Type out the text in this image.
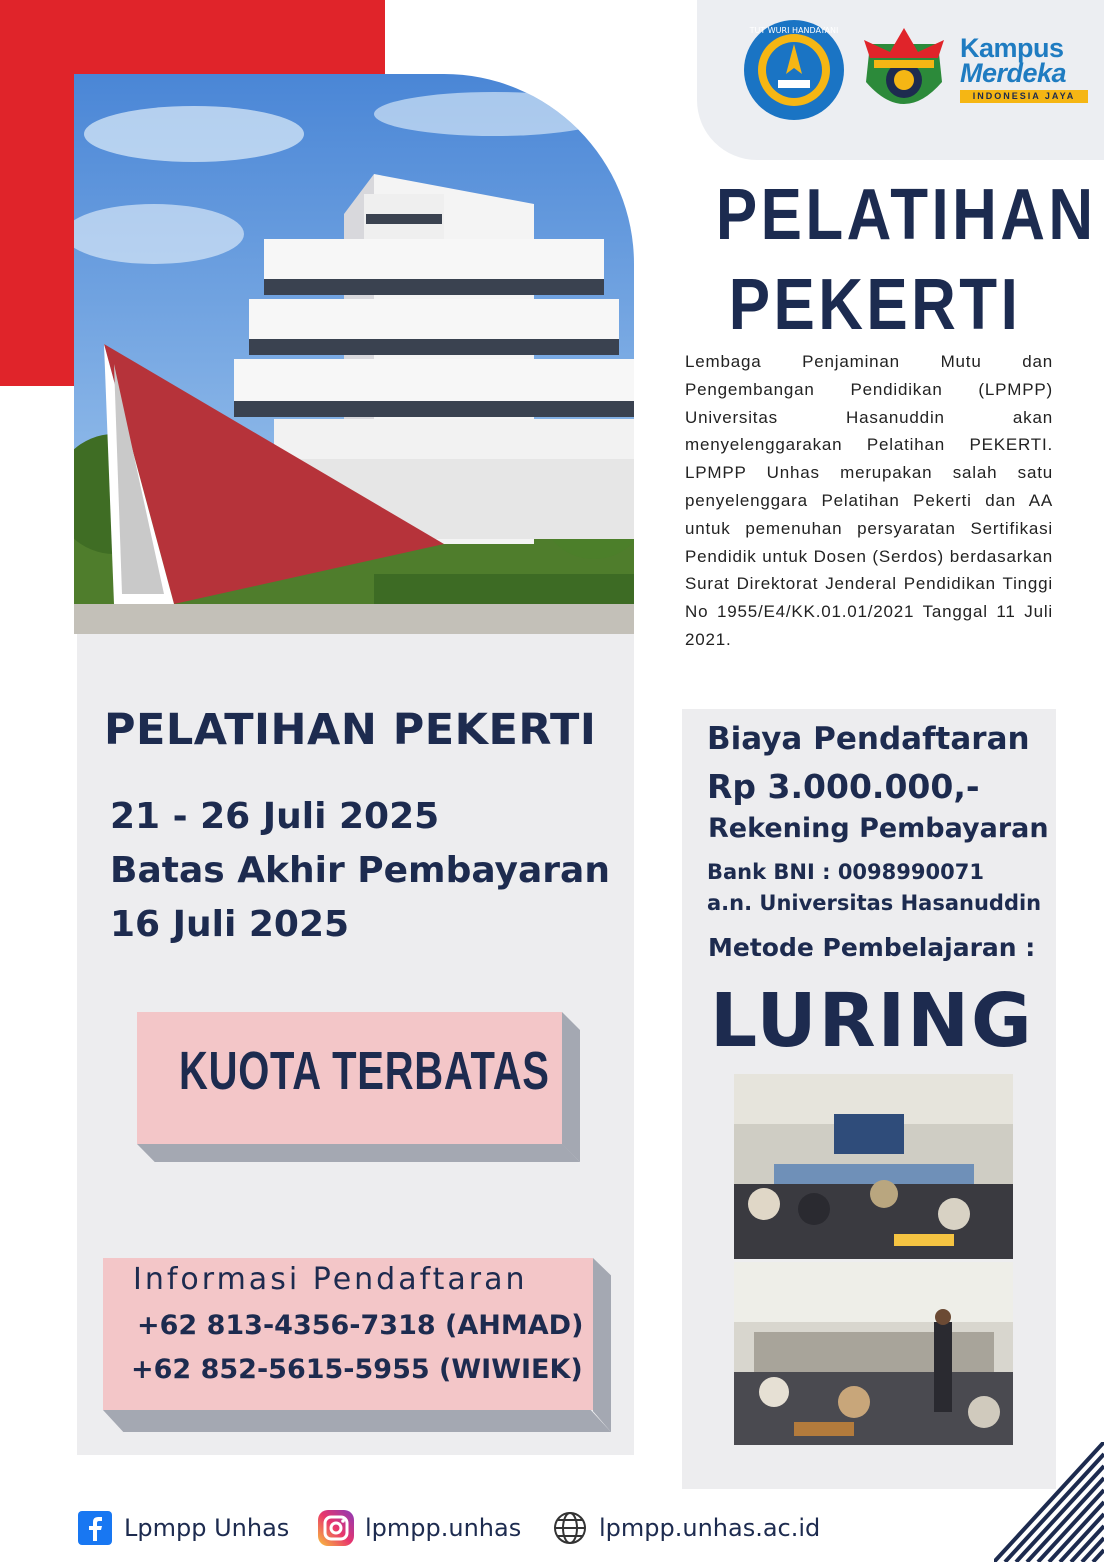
TUT WURI HANDAYANI
Kampus
Merdeka
INDONESIA JAYA
PELATIHAN
PEKERTI

Lembaga Penjaminan Mutu dan Pengembangan Pendidikan (LPMPP) Universitas Hasanuddin akan menyelenggarakan Pelatihan PEKERTI. LPMPP Unhas merupakan salah satu penyelenggara Pelatihan Pekerti dan AA untuk pemenuhan persyaratan Sertifikasi Pendidik untuk Dosen (Serdos) berdasarkan Surat Direktorat Jenderal Pendidikan Tinggi No 1955/E4/KK.01.01/2021 Tanggal 11 Juli 2021.

PELATIHAN PEKERTI
21 - 26 Juli 2025
Batas Akhir Pembayaran
16 Juli 2025
KUOTA TERBATAS
Informasi Pendaftaran
+62 813-4356-7318 (AHMAD)
+62 852-5615-5955 (WIWIEK)
Biaya Pendaftaran
Rp 3.000.000,-
Rekening Pembayaran
Bank BNI : 0098990071
a.n. Universitas Hasanuddin
Metode Pembelajaran :
LURING
Lpmpp Unhas	lpmpp.unhas	lpmpp.unhas.ac.id
